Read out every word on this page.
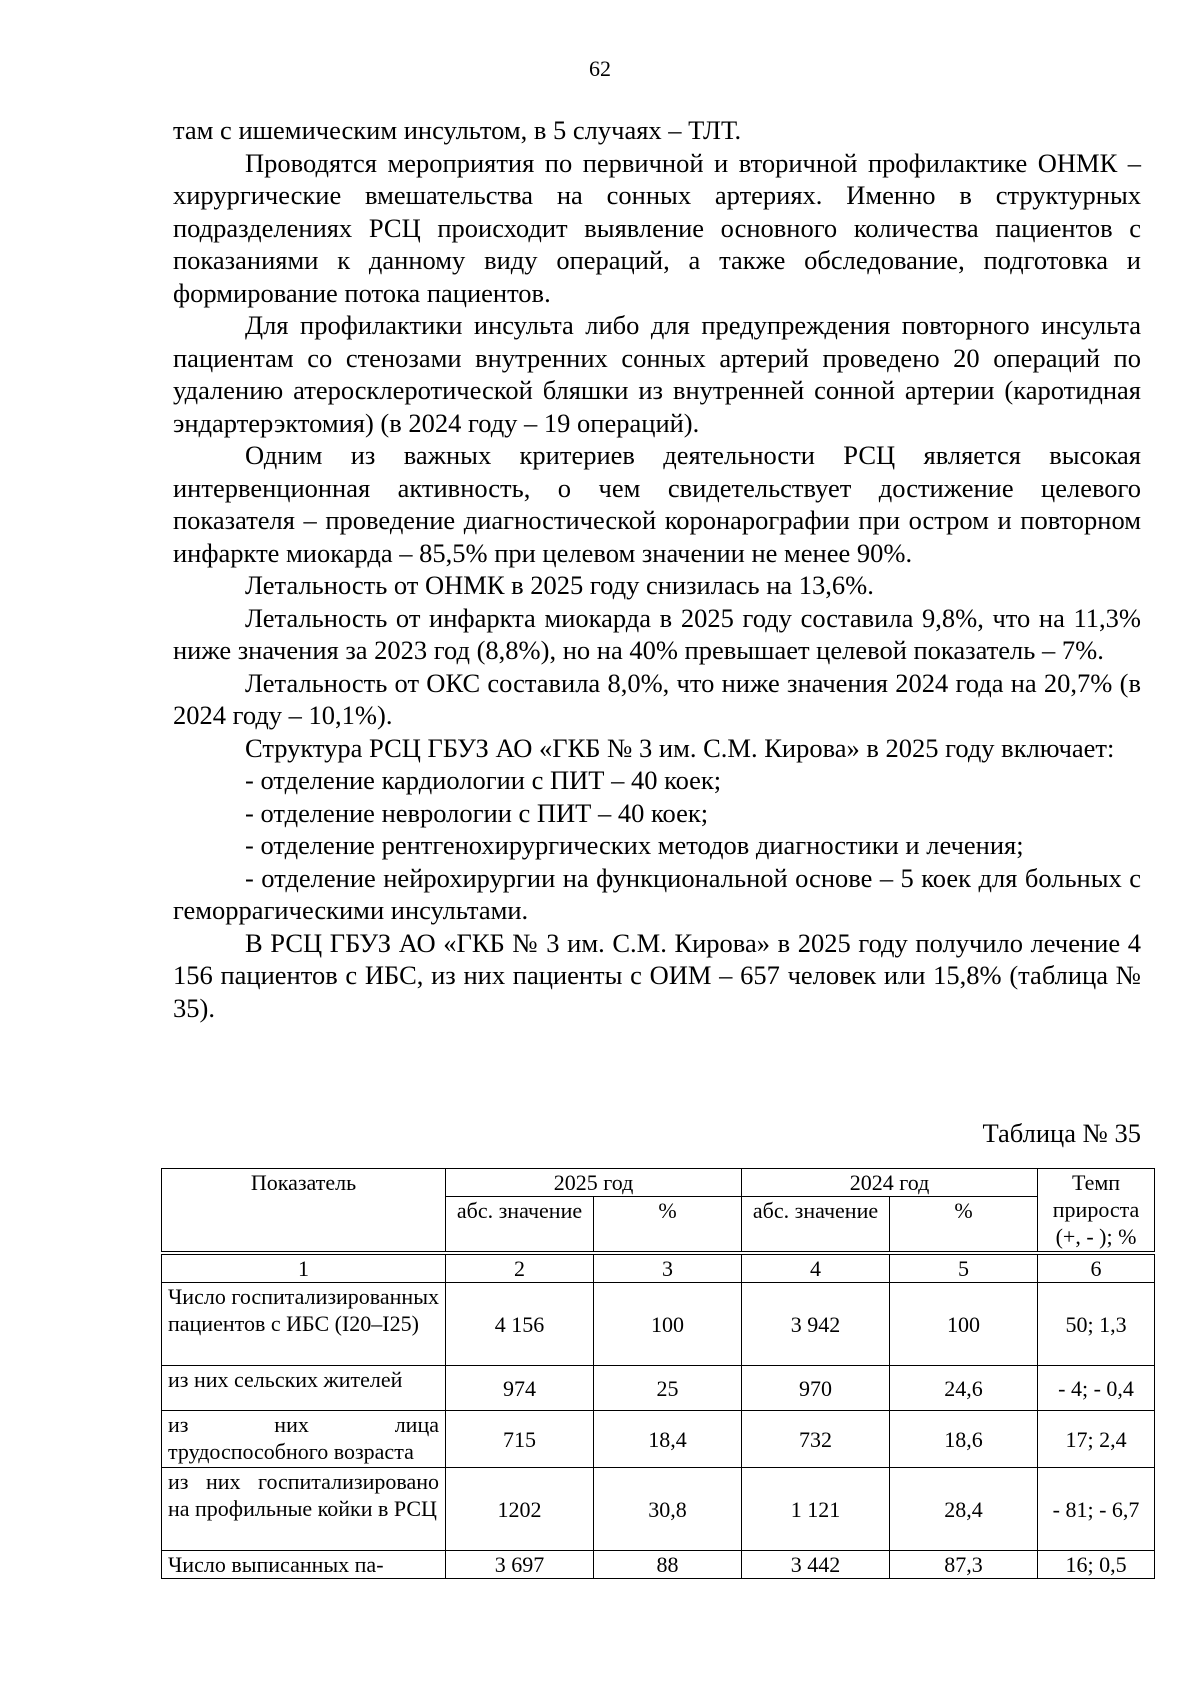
62

там с ишемическим инсультом, в 5 случаях – ТЛТ.

Проводятся мероприятия по первичной и вторичной профилактике ОНМК – хирургические вмешательства на сонных артериях. Именно в структурных подразделениях РСЦ происходит выявление основного количества пациентов с показаниями к данному виду операций, а также обследование, подготовка и формирование потока пациентов.

Для профилактики инсульта либо для предупреждения повторного инсульта пациентам со стенозами внутренних сонных артерий проведено 20 операций по удалению атеросклеротической бляшки из внутренней сонной артерии (каротидная эндартерэктомия) (в 2024 году – 19 операций).

Одним из важных критериев деятельности РСЦ является высокая интервенционная активность, о чем свидетельствует достижение целевого показателя – проведение диагностической коронарографии при остром и повторном инфаркте миокарда – 85,5% при целевом значении не менее 90%.

Летальность от ОНМК в 2025 году снизилась на 13,6%.

Летальность от инфаркта миокарда в 2025 году составила 9,8%, что на 11,3% ниже значения за 2023 год (8,8%), но на 40% превышает целевой показатель – 7%.

Летальность от ОКС составила 8,0%, что ниже значения 2024 года на 20,7% (в 2024 году – 10,1%).

Структура РСЦ ГБУЗ АО «ГКБ № 3 им. С.М. Кирова» в 2025 году включает:

- отделение кардиологии с ПИТ – 40 коек;

- отделение неврологии с ПИТ – 40 коек;

- отделение рентгенохирургических методов диагностики и лечения;

- отделение нейрохирургии на функциональной основе – 5 коек для больных с геморрагическими инсультами.

В РСЦ ГБУЗ АО «ГКБ № 3 им. С.М. Кирова» в 2025 году получило лечение 4 156 пациентов с ИБС, из них пациенты с ОИМ – 657 человек или 15,8% (таблица № 35).

Таблица № 35
Показатель	2025 год		2024 год		Темп прироста (+, - ); %
	абс. значение	%	абс. значение	%	
1	2	3	4	5	6
Число госпитализированных пациентов с ИБС (I20–I25)	4 156	100	3 942	100	50; 1,3
из них сельских жителей	974	25	970	24,6	- 4; - 0,4
из них лица трудоспособного возраста	715	18,4	732	18,6	17; 2,4
из них госпитализировано на профильные койки в РСЦ	1202	30,8	1 121	28,4	- 81; - 6,7
Число выписанных па-	3 697	88	3 442	87,3	16; 0,5
